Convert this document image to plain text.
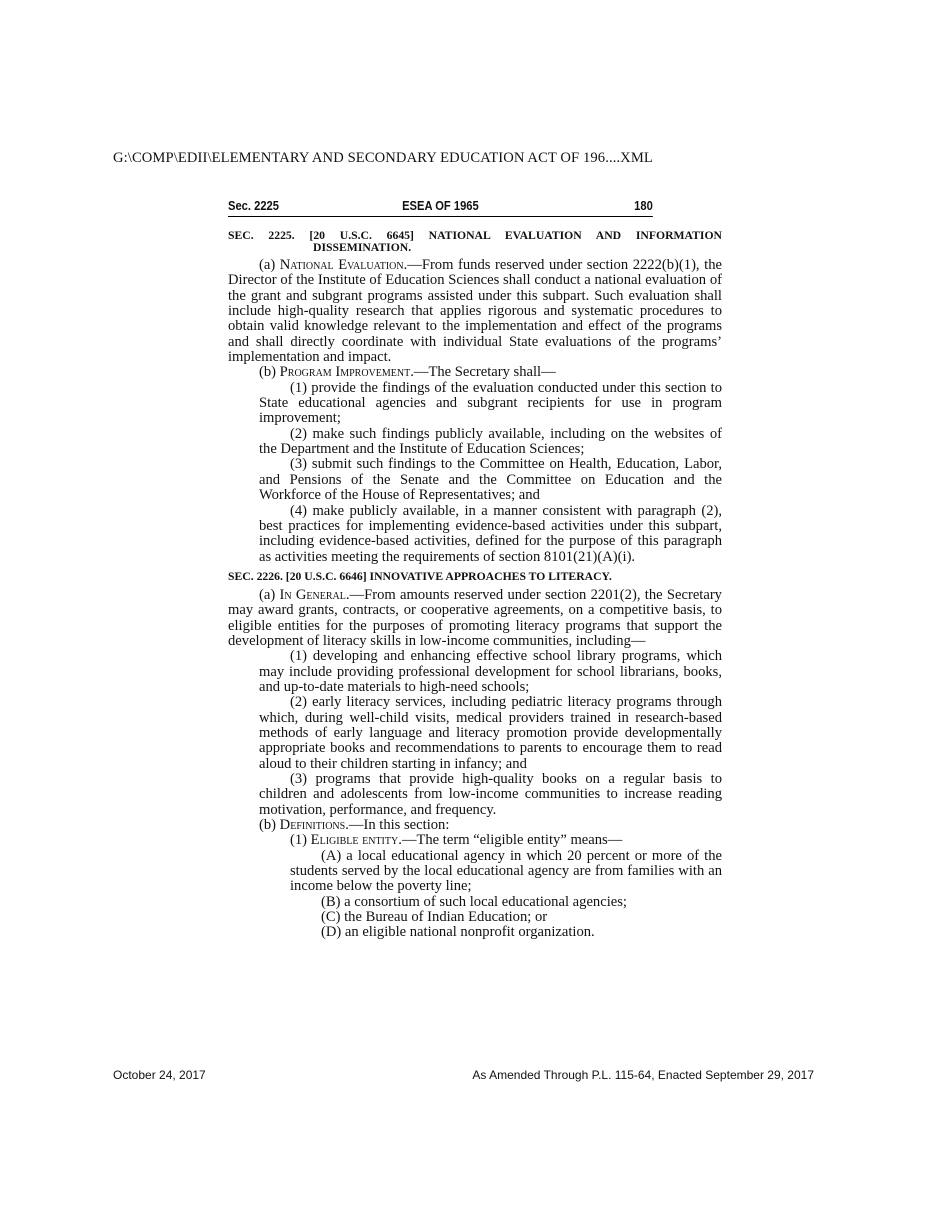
G:\COMP\EDII\ELEMENTARY AND SECONDARY EDUCATION ACT OF 196....XML
Sec. 2225	ESEA OF 1965	180

SEC. 2225. [20 U.S.C. 6645] NATIONAL EVALUATION AND INFORMATION DISSEMINATION.

(a) National Evaluation.—From funds reserved under section 2222(b)(1), the Director of the Institute of Education Sciences shall conduct a national evaluation of the grant and subgrant programs assisted under this subpart. Such evaluation shall include high-quality research that applies rigorous and systematic procedures to obtain valid knowledge relevant to the implementation and effect of the programs and shall directly coordinate with individual State evaluations of the programs’ implementation and impact.

(b) Program Improvement.—The Secretary shall—

(1) provide the findings of the evaluation conducted under this section to State educational agencies and subgrant recipients for use in program improvement;

(2) make such findings publicly available, including on the websites of the Department and the Institute of Education Sciences;

(3) submit such findings to the Committee on Health, Education, Labor, and Pensions of the Senate and the Committee on Education and the Workforce of the House of Representatives; and

(4) make publicly available, in a manner consistent with paragraph (2), best practices for implementing evidence-based activities under this subpart, including evidence-based activities, defined for the purpose of this paragraph as activities meeting the requirements of section 8101(21)(A)(i).

SEC. 2226. [20 U.S.C. 6646] INNOVATIVE APPROACHES TO LITERACY.

(a) In General.—From amounts reserved under section 2201(2), the Secretary may award grants, contracts, or cooperative agreements, on a competitive basis, to eligible entities for the purposes of promoting literacy programs that support the development of literacy skills in low-income communities, including—

(1) developing and enhancing effective school library programs, which may include providing professional development for school librarians, books, and up-to-date materials to high-need schools;

(2) early literacy services, including pediatric literacy programs through which, during well-child visits, medical providers trained in research-based methods of early language and literacy promotion provide developmentally appropriate books and recommendations to parents to encourage them to read aloud to their children starting in infancy; and

(3) programs that provide high-quality books on a regular basis to children and adolescents from low-income communities to increase reading motivation, performance, and frequency.

(b) Definitions.—In this section:

(1) Eligible entity.—The term “eligible entity” means—

(A) a local educational agency in which 20 percent or more of the students served by the local educational agency are from families with an income below the poverty line;

(B) a consortium of such local educational agencies;

(C) the Bureau of Indian Education; or

(D) an eligible national nonprofit organization.

October 24, 2017	As Amended Through P.L. 115-64, Enacted September 29, 2017
